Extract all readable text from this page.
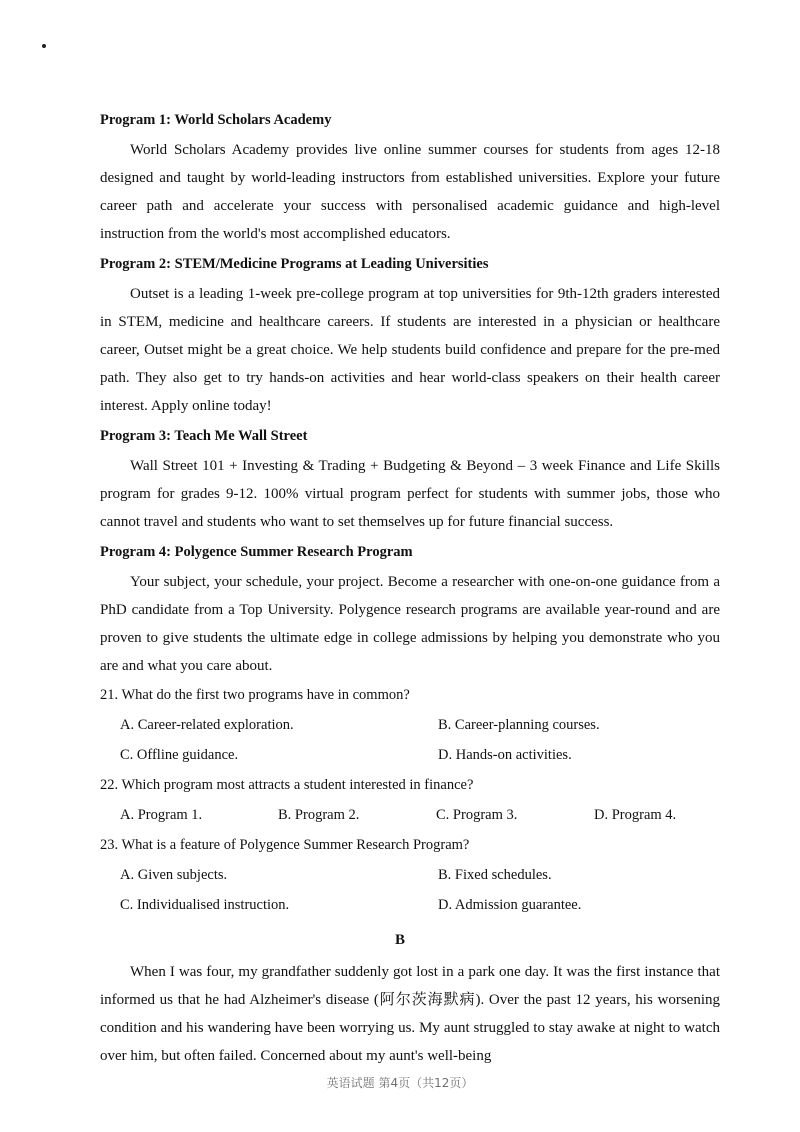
Program 1: World Scholars Academy

World Scholars Academy provides live online summer courses for students from ages 12-18 designed and taught by world-leading instructors from established universities. Explore your future career path and accelerate your success with personalised academic guidance and high-level instruction from the world's most accomplished educators.

Program 2: STEM/Medicine Programs at Leading Universities

Outset is a leading 1-week pre-college program at top universities for 9th-12th graders interested in STEM, medicine and healthcare careers. If students are interested in a physician or healthcare career, Outset might be a great choice. We help students build confidence and prepare for the pre-med path. They also get to try hands-on activities and hear world-class speakers on their health career interest. Apply online today!

Program 3: Teach Me Wall Street

Wall Street 101 + Investing & Trading + Budgeting & Beyond – 3 week Finance and Life Skills program for grades 9-12. 100% virtual program perfect for students with summer jobs, those who cannot travel and students who want to set themselves up for future financial success.

Program 4: Polygence Summer Research Program

Your subject, your schedule, your project. Become a researcher with one-on-one guidance from a PhD candidate from a Top University. Polygence research programs are available year-round and are proven to give students the ultimate edge in college admissions by helping you demonstrate who you are and what you care about.

21. What do the first two programs have in common?
A. Career-related exploration.	B. Career-planning courses.
C. Offline guidance.	D. Hands-on activities.
22. Which program most attracts a student interested in finance?
A. Program 1.	B. Program 2.	C. Program 3.	D. Program 4.
23. What is a feature of Polygence Summer Research Program?
A. Given subjects.	B. Fixed schedules.
C. Individualised instruction.	D. Admission guarantee.
B

When I was four, my grandfather suddenly got lost in a park one day. It was the first instance that informed us that he had Alzheimer's disease (阿尔茨海默病). Over the past 12 years, his worsening condition and his wandering have been worrying us. My aunt struggled to stay awake at night to watch over him, but often failed. Concerned about my aunt's well-being

英语试题 第4页（共12页）
